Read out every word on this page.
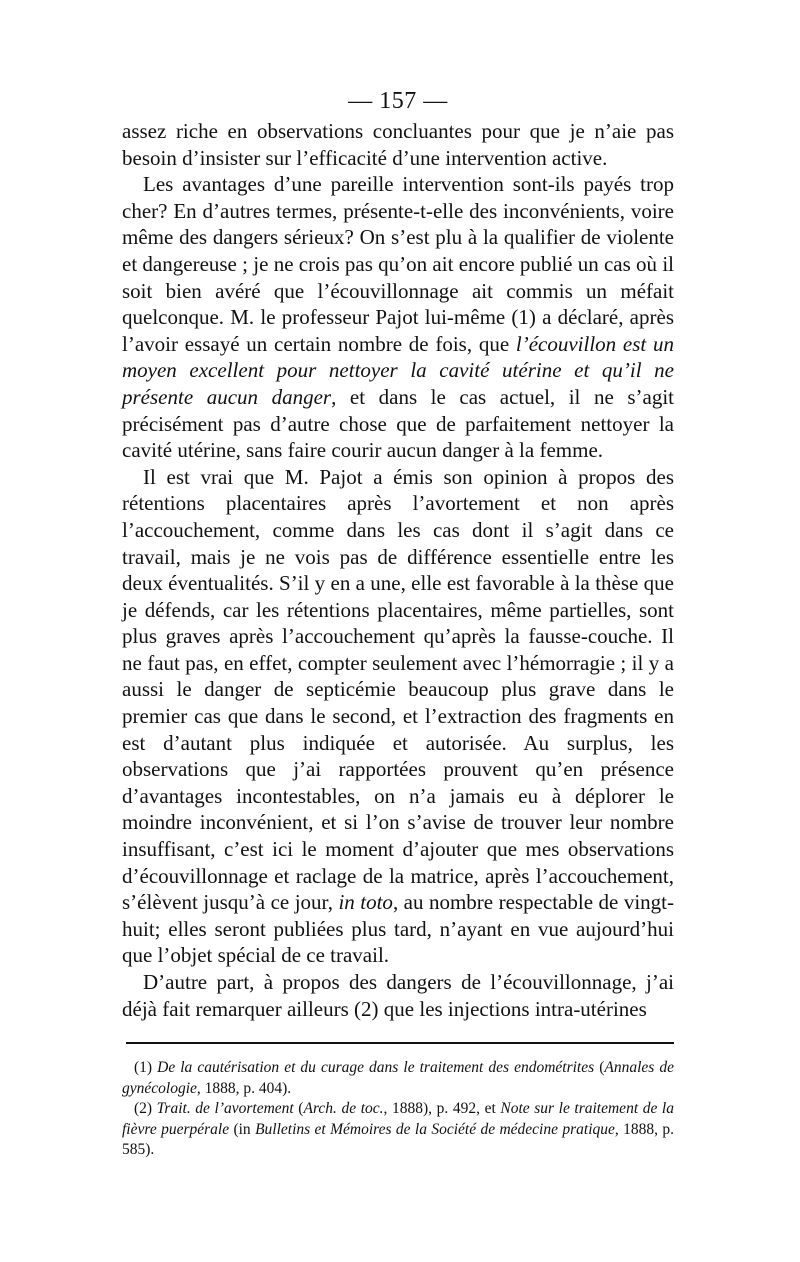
— 157 —

assez riche en observations concluantes pour que je n’aie pas besoin d’insister sur l’efficacité d’une intervention active.

Les avantages d’une pareille intervention sont-ils payés trop cher? En d’autres termes, présente-t-elle des inconvénients, voire même des dangers sérieux? On s’est plu à la qualifier de violente et dangereuse ; je ne crois pas qu’on ait encore publié un cas où il soit bien avéré que l’écouvillonnage ait commis un méfait quelconque. M. le professeur Pajot lui-même (1) a déclaré, après l’avoir essayé un certain nombre de fois, que l’écouvillon est un moyen excellent pour nettoyer la cavité utérine et qu’il ne présente aucun danger, et dans le cas actuel, il ne s’agit précisément pas d’autre chose que de parfaitement nettoyer la cavité utérine, sans faire courir aucun danger à la femme.

Il est vrai que M. Pajot a émis son opinion à propos des rétentions placentaires après l’avortement et non après l’accouchement, comme dans les cas dont il s’agit dans ce travail, mais je ne vois pas de différence essentielle entre les deux éventualités. S’il y en a une, elle est favorable à la thèse que je défends, car les rétentions placentaires, même partielles, sont plus graves après l’accouchement qu’après la fausse-couche. Il ne faut pas, en effet, compter seulement avec l’hémorragie ; il y a aussi le danger de septicémie beaucoup plus grave dans le premier cas que dans le second, et l’extraction des fragments en est d’autant plus indiquée et autorisée. Au surplus, les observations que j’ai rapportées prouvent qu’en présence d’avantages incontestables, on n’a jamais eu à déplorer le moindre inconvénient, et si l’on s’avise de trouver leur nombre insuffisant, c’est ici le moment d’ajouter que mes observations d’écouvillonnage et raclage de la matrice, après l’accouchement, s’élèvent jusqu’à ce jour, in toto, au nombre respectable de vingt-huit; elles seront publiées plus tard, n’ayant en vue aujourd’hui que l’objet spécial de ce travail.

D’autre part, à propos des dangers de l’écouvillonnage, j’ai déjà fait remarquer ailleurs (2) que les injections intra-utérines

(1) De la cautérisation et du curage dans le traitement des endométrites (Annales de gynécologie, 1888, p. 404).

(2) Trait. de l’avortement (Arch. de toc., 1888), p. 492, et Note sur le traitement de la fièvre puerpérale (in Bulletins et Mémoires de la Société de médecine pratique, 1888, p. 585).
